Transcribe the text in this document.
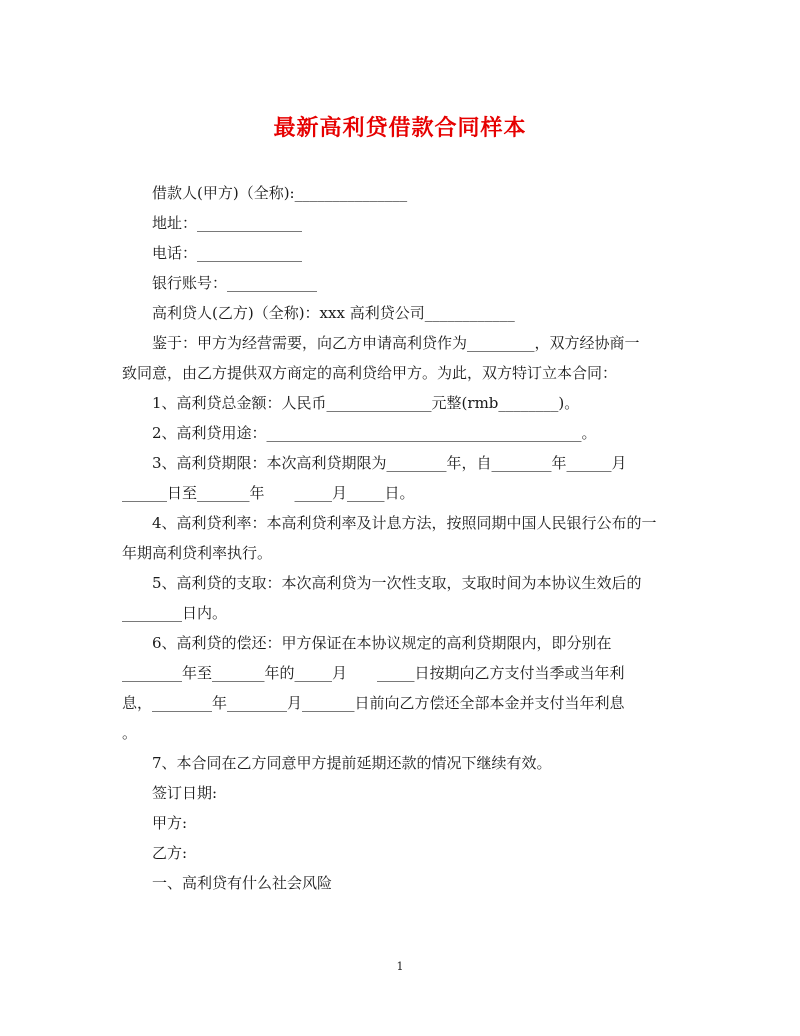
最新高利贷借款合同样本
借款人(甲方)（全称):_______________
地址：______________
电话：______________
银行账号：____________
高利贷人(乙方)（全称)：xxx 高利贷公司____________
鉴于：甲方为经营需要，向乙方申请高利贷作为_________，双方经协商一
致同意，由乙方提供双方商定的高利贷给甲方。为此，双方特订立本合同：
1、高利贷总金额：人民币______________元整(rmb________)。
2、高利贷用途：__________________________________________。
3、高利贷期限：本次高利贷期限为________年，自________年______月
______日至_______年　　_____月_____日。
4、高利贷利率：本高利贷利率及计息方法，按照同期中国人民银行公布的一
年期高利贷利率执行。
5、高利贷的支取：本次高利贷为一次性支取，支取时间为本协议生效后的
________日内。
6、高利贷的偿还：甲方保证在本协议规定的高利贷期限内，即分别在
________年至_______年的_____月　　_____日按期向乙方支付当季或当年利
息，________年________月_______日前向乙方偿还全部本金并支付当年利息
。
7、本合同在乙方同意甲方提前延期还款的情况下继续有效。
签订日期:
甲方:
乙方:
一、高利贷有什么社会风险
1
